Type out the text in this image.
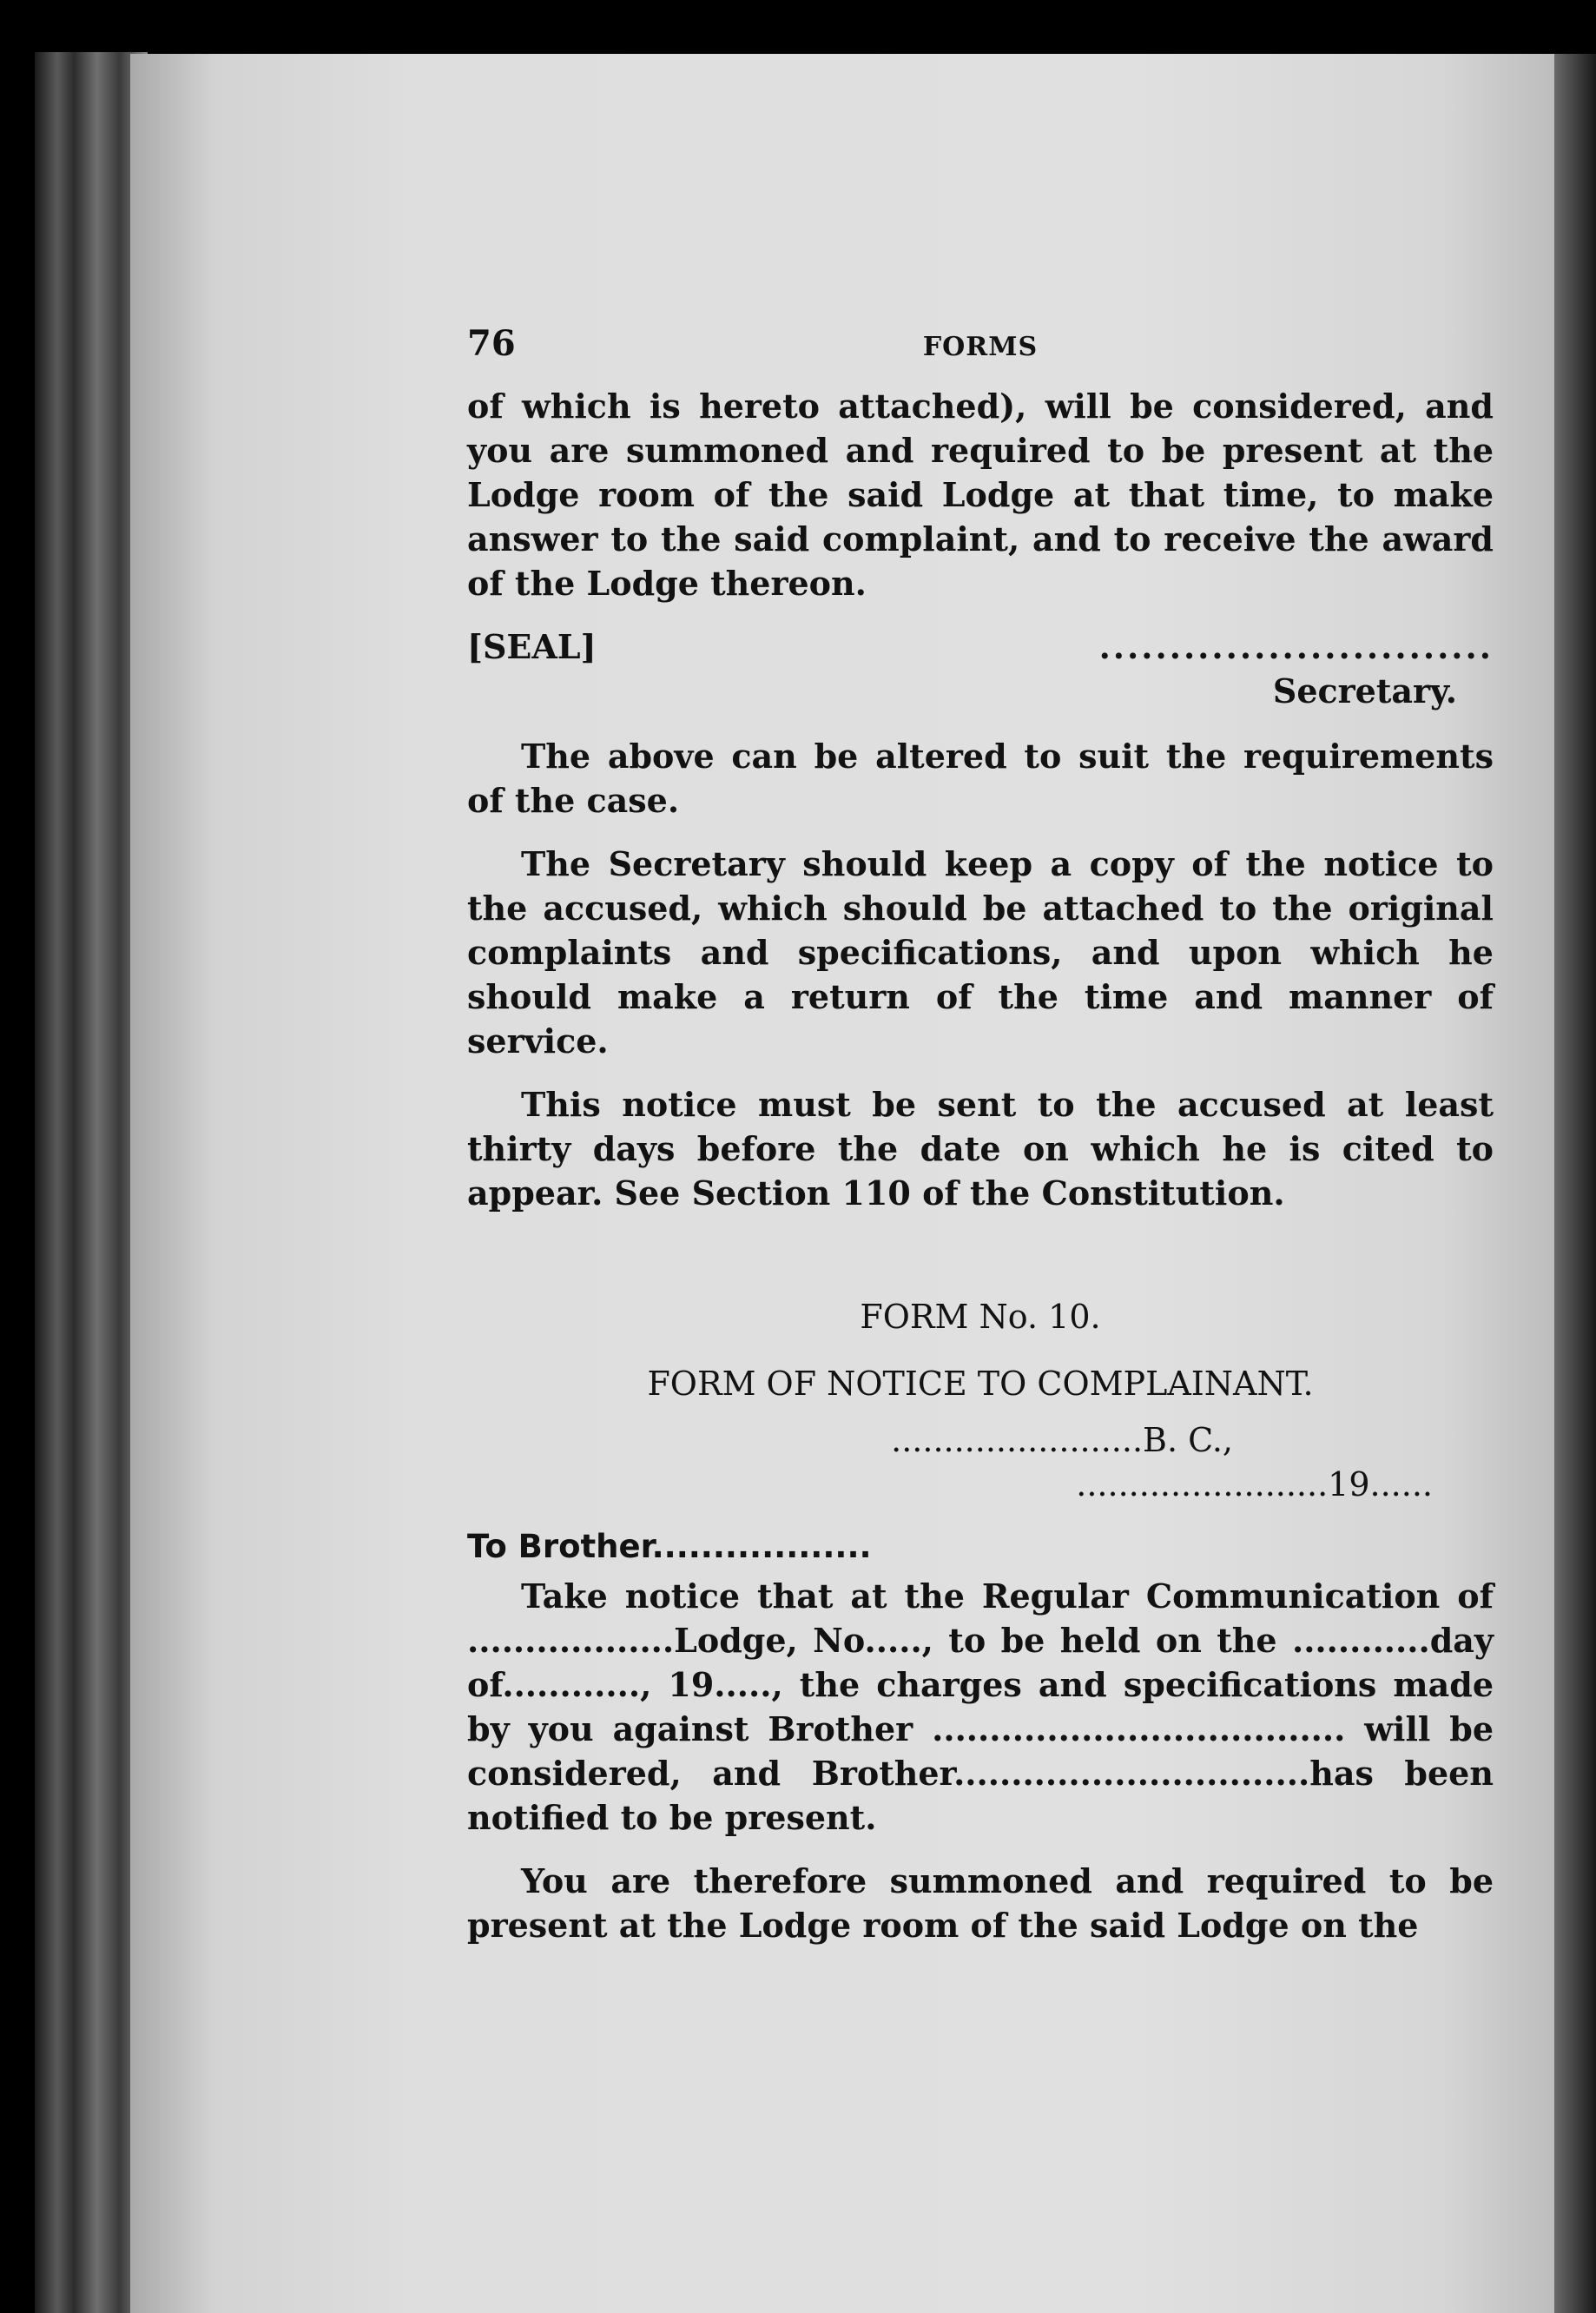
76	FORMS

of which is hereto attached), will be considered, and you are summoned and required to be present at the Lodge room of the said Lodge at that time, to make answer to the said complaint, and to receive the award of the Lodge thereon.

[SEAL]	............................

Secretary.

The above can be altered to suit the requirements of the case.

The Secretary should keep a copy of the notice to the accused, which should be attached to the original complaints and specifications, and upon which he should make a return of the time and manner of service.

This notice must be sent to the accused at least thirty days before the date on which he is cited to appear. See Section 110 of the Constitution.

FORM No. 10.

FORM OF NOTICE TO COMPLAINANT.

........................B. C.,

........................19......

To Brother..................

Take notice that at the Regular Communication of ..................Lodge, No....., to be held on the ............day of............, 19....., the charges and specifications made by you against Brother .................................... will be considered, and Brother...............................has been notified to be present.

You are therefore summoned and required to be present at the Lodge room of the said Lodge on the
